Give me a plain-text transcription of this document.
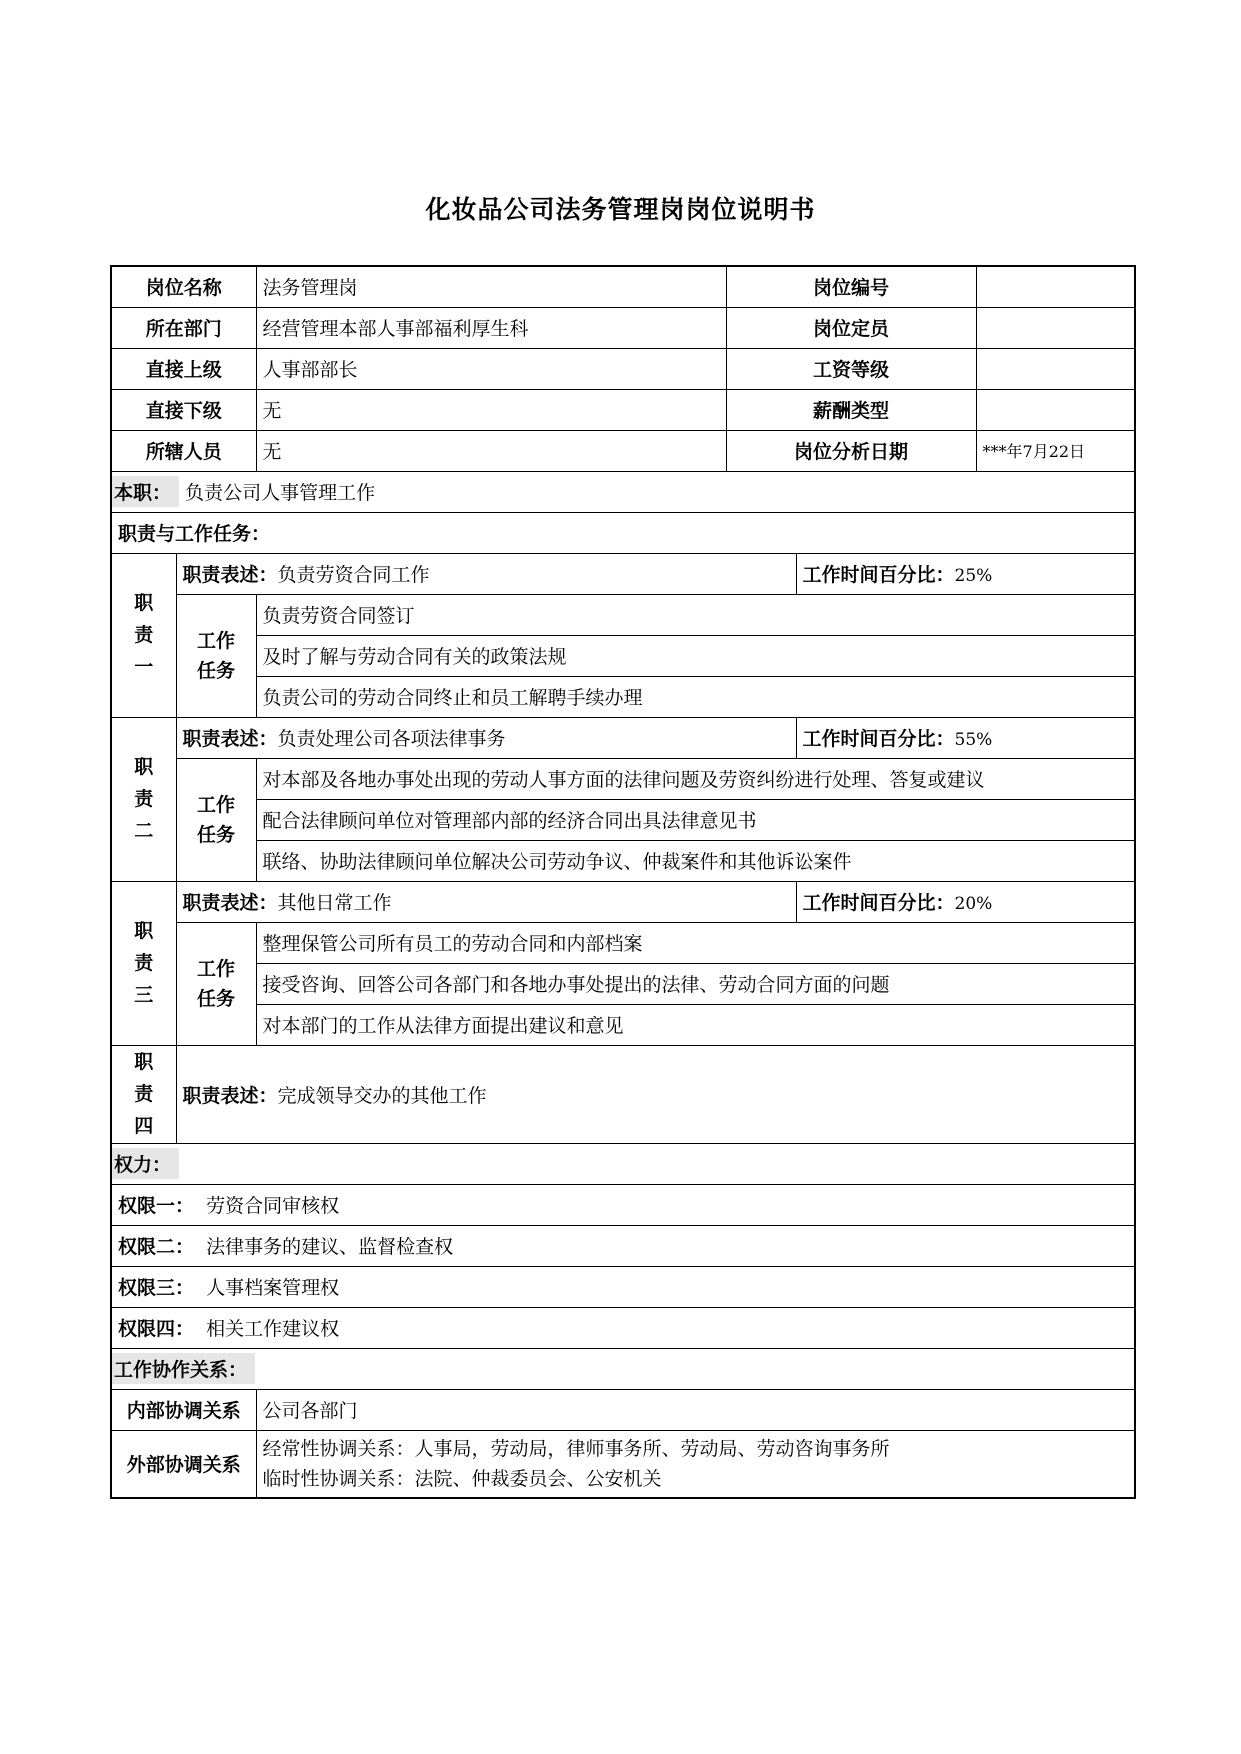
化妆品公司法务管理岗岗位说明书
岗位名称		法务管理岗	岗位编号		
所在部门		经营管理本部人事部福利厚生科	岗位定员		
直接上级		人事部部长	工资等级		
直接下级		无	薪酬类型		
所辖人员		无	岗位分析日期		***年7月22日
本职： 负责公司人事管理工作					
职责与工作任务：					

职
责
一	职责表述：负责劳资合同工作			工作时间百分比：25%	

	工作
任务	负责劳资合同签订			
		及时了解与劳动合同有关的政策法规			
		负责公司的劳动合同终止和员工解聘手续办理			

职
责
二	职责表述：负责处理公司各项法律事务			工作时间百分比：55%	

	工作
任务	对本部及各地办事处出现的劳动人事方面的法律问题及劳资纠纷进行处理、答复或建议			
		配合法律顾问单位对管理部内部的经济合同出具法律意见书			
		联络、协助法律顾问单位解决公司劳动争议、仲裁案件和其他诉讼案件			

职
责
三	职责表述：其他日常工作			工作时间百分比：20%	

	工作
任务	整理保管公司所有员工的劳动合同和内部档案			
		接受咨询、回答公司各部门和各地办事处提出的法律、劳动合同方面的问题			
		对本部门的工作从法律方面提出建议和意见			

职
责
四	职责表述：完成领导交办的其他工作				
权力：					
权限一： 劳资合同审核权					
权限二： 法律事务的建议、监督检查权					
权限三： 人事档案管理权					
权限四： 相关工作建议权					
工作协作关系：					
内部协调关系		公司各部门			
外部协调关系		经常性协调关系：人事局，劳动局，律师事务所、劳动局、劳动咨询事务所
临时性协调关系：法院、仲裁委员会、公安机关			
